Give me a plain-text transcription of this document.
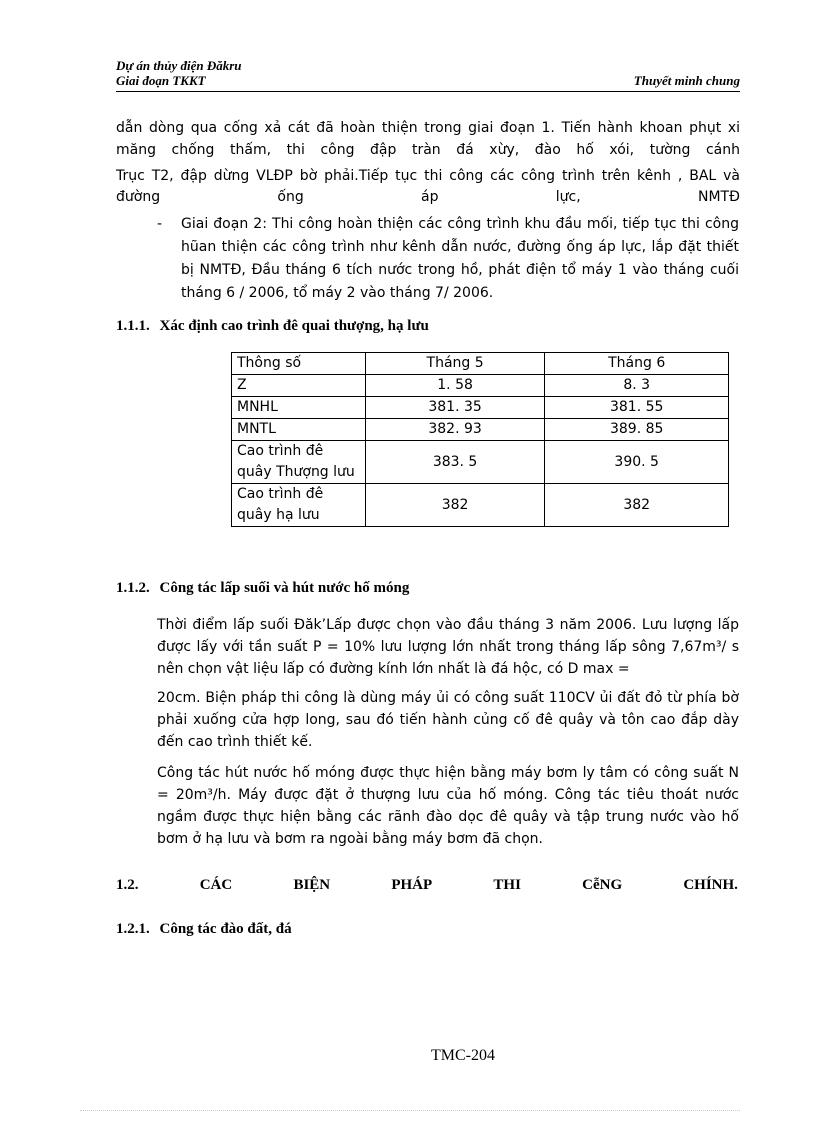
Dự án thủy điện Đăkru
Giai đoạn TKKT	Thuyết minh chung
dẫn dòng qua cống xả cát đã hoàn thiện trong giai đoạn 1. Tiến hành khoan phụt xi
măng chống thấm, thi công đập tràn đá xừy, đào hố xói, tường cánh
Trục T2, đập dừng VLĐP bờ phải.Tiếp tục thi công các công trình trên kênh , BAL và
đường	ống	áp	lực,	NMTĐ
- Giai đoạn 2: Thi công hoàn thiện các công trình khu đầu mối, tiếp tục thi công hũan thiện các công trình như kênh dẫn nước, đường ống áp lực, lắp đặt thiết bị NMTĐ, Đầu tháng 6 tích nước trong hồ, phát điện tổ máy 1 vào tháng cuối tháng 6 / 2006, tổ máy 2 vào tháng 7/ 2006.
1.1.1. Xác định cao trình đê quai thượng, hạ lưu
Thông số	Tháng 5	Tháng 6
Z	1. 58	8. 3
MNHL	381. 35	381. 55
MNTL	382. 93	389. 85
Cao trình đê quây Thượng lưu	383. 5	390. 5
Cao trình đê quây hạ lưu	382	382
1.1.2. Công tác lấp suối và hút nước hố móng
Thời điểm lấp suối Đăk’Lấp được chọn vào đầu tháng 3 năm 2006. Lưu lượng lấp được lấy với tần suất P = 10% lưu lượng lớn nhất trong tháng lấp sông 7,67m³/ s nên chọn vật liệu lấp có đường kính lớn nhất là đá hộc, có D max =
20cm. Biện pháp thi công là dùng máy ủi có công suất 110CV ủi đất đỏ từ phía bờ phải xuống cửa hợp long, sau đó tiến hành củng cố đê quây và tôn cao đắp dày đến cao trình thiết kế.
Công tác hút nước hố móng được thực hiện bằng máy bơm ly tâm có công suất N = 20m³/h. Máy được đặt ở thượng lưu của hố móng. Công tác tiêu thoát nước ngầm được thực hiện bằng các rãnh đào dọc đê quây và tập trung nước vào hố bơm ở hạ lưu và bơm ra ngoài bằng máy bơm đã chọn.
1.2.	CÁC	BIỆN	PHÁP	THI	CễNG	CHÍNH.
1.2.1. Công tác đào đất, đá
TMC-204
